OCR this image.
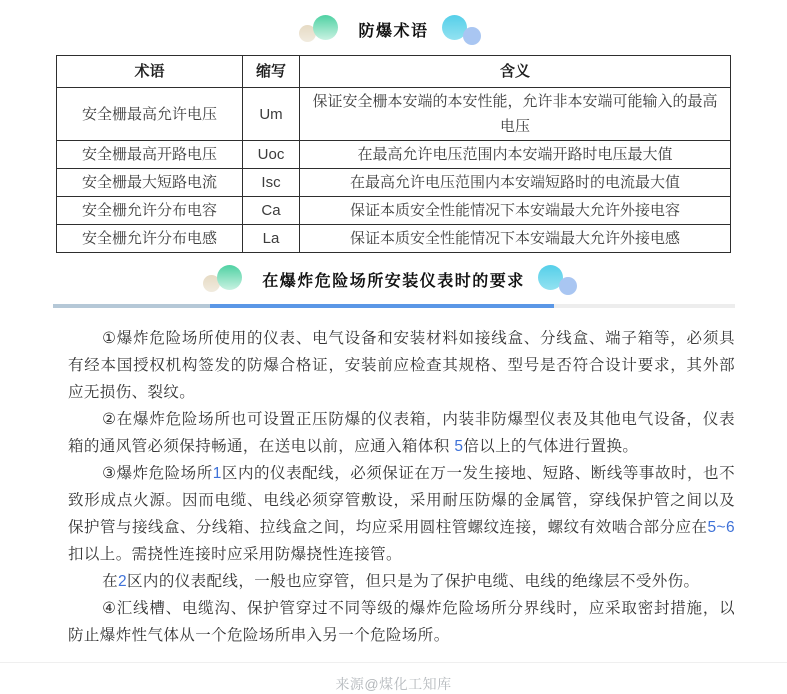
防爆术语
术语	缩写	含义
安全栅最高允许电压	Um	保证安全栅本安端的本安性能，允许非本安端可能输入的最高电压
安全栅最高开路电压	Uoc	在最高允许电压范围内本安端开路时电压最大值
安全栅最大短路电流	Isc	在最高允许电压范围内本安端短路时的电流最大值
安全栅允许分布电容	Ca	保证本质安全性能情况下本安端最大允许外接电容
安全栅允许分布电感	La	保证本质安全性能情况下本安端最大允许外接电感
在爆炸危险场所安装仪表时的要求

①爆炸危险场所使用的仪表、电气设备和安装材料如接线盒、分线盒、端子箱等，必须具有经本国授权机构签发的防爆合格证，安装前应检查其规格、型号是否符合设计要求，其外部应无损伤、裂纹。

②在爆炸危险场所也可设置正压防爆的仪表箱，内装非防爆型仪表及其他电气设备，仪表箱的通风管必须保持畅通，在送电以前，应通入箱体积 5倍以上的气体进行置换。

③爆炸危险场所1区内的仪表配线，必须保证在万一发生接地、短路、断线等事故时，也不致形成点火源。因而电缆、电线必须穿管敷设，采用耐压防爆的金属管，穿线保护管之间以及保护管与接线盒、分线箱、拉线盒之间，均应采用圆柱管螺纹连接，螺纹有效啮合部分应在5~6扣以上。需挠性连接时应采用防爆挠性连接管。

在2区内的仪表配线，一般也应穿管，但只是为了保护电缆、电线的绝缘层不受外伤。

④汇线槽、电缆沟、保护管穿过不同等级的爆炸危险场所分界线时，应采取密封措施，以防止爆炸性气体从一个危险场所串入另一个危险场所。

来源@煤化工知库
